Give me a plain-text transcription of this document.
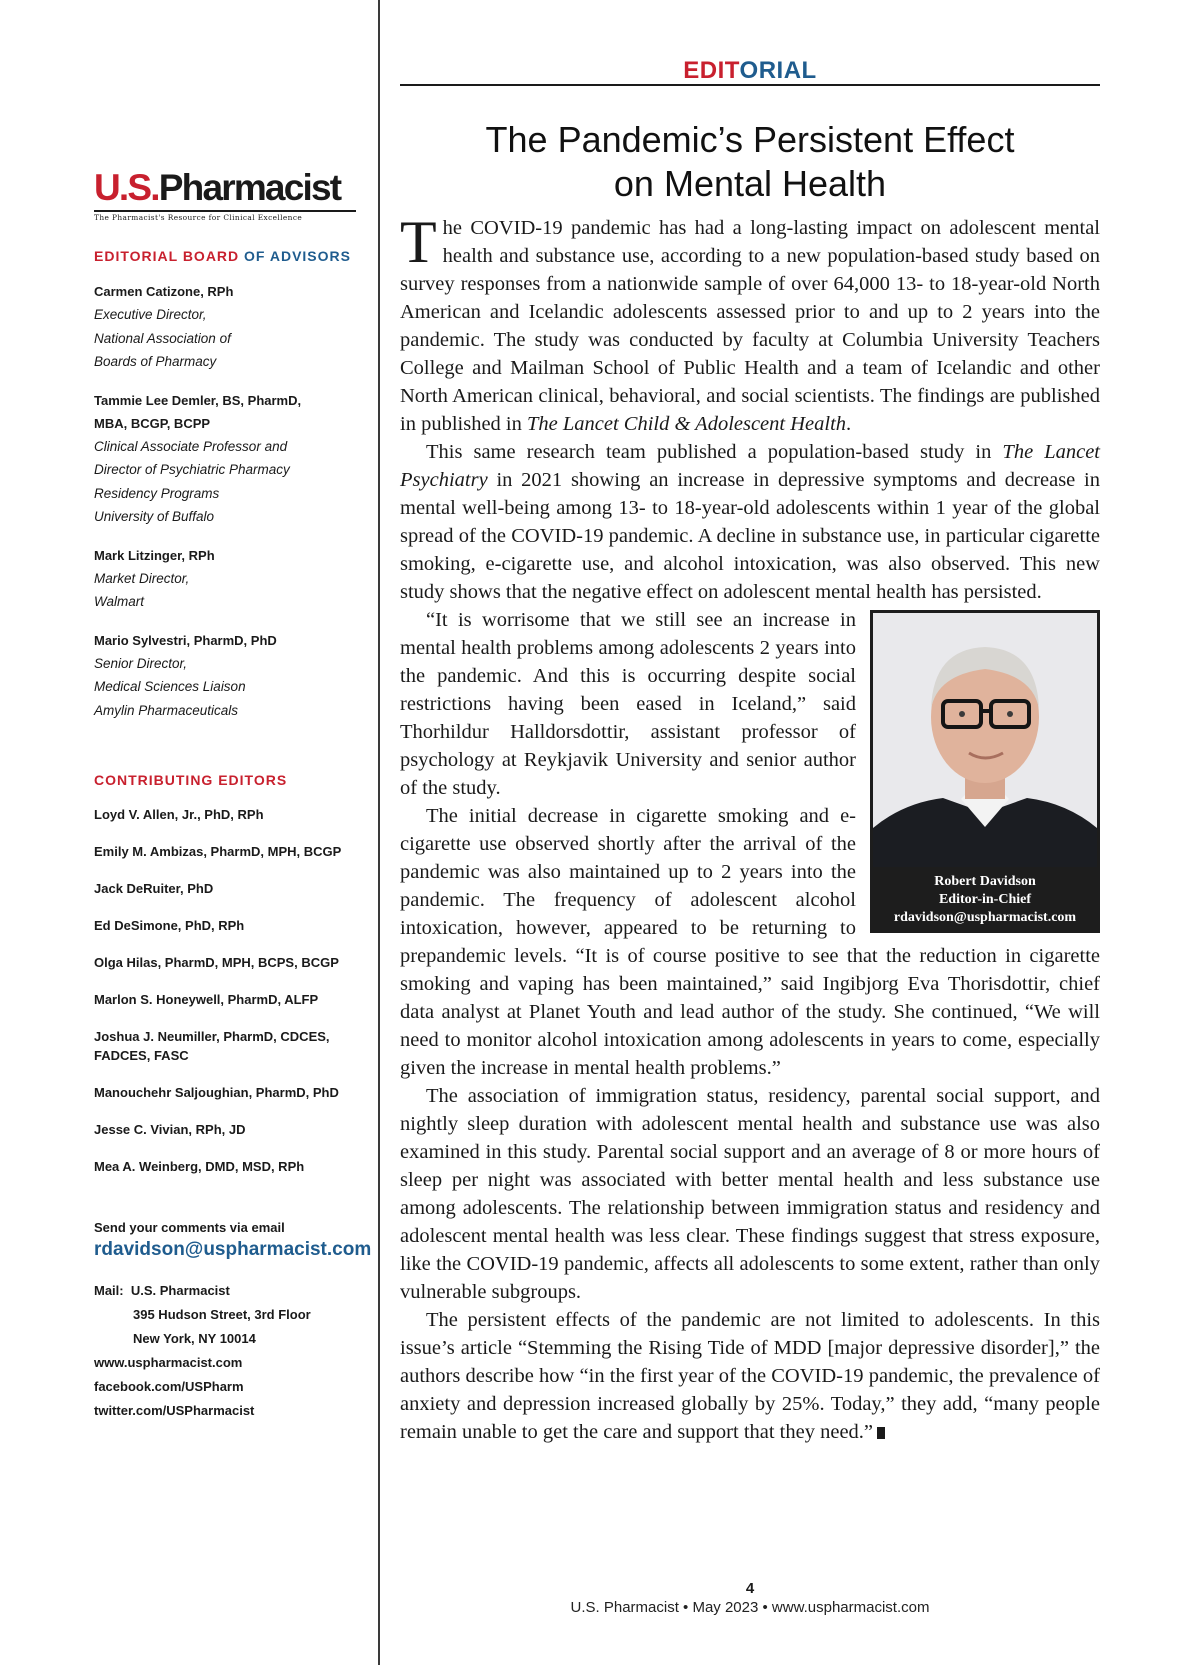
U.S.Pharmacist
The Pharmacist's Resource for Clinical Excellence
EDITORIAL BOARD OF ADVISORS
Carmen Catizone, RPh
Executive Director,
National Association of
Boards of Pharmacy
Tammie Lee Demler, BS, PharmD, MBA, BCGP, BCPP
Clinical Associate Professor and
Director of Psychiatric Pharmacy
Residency Programs
University of Buffalo
Mark Litzinger, RPh
Market Director,
Walmart
Mario Sylvestri, PharmD, PhD
Senior Director,
Medical Sciences Liaison
Amylin Pharmaceuticals
CONTRIBUTING EDITORS
Loyd V. Allen, Jr., PhD, RPh
Emily M. Ambizas, PharmD, MPH, BCGP
Jack DeRuiter, PhD
Ed DeSimone, PhD, RPh
Olga Hilas, PharmD, MPH, BCPS, BCGP
Marlon S. Honeywell, PharmD, ALFP
Joshua J. Neumiller, PharmD, CDCES, FADCES, FASC
Manouchehr Saljoughian, PharmD, PhD
Jesse C. Vivian, RPh, JD
Mea A. Weinberg, DMD, MSD, RPh
Send your comments via email
rdavidson@uspharmacist.com
Mail: U.S. Pharmacist
395 Hudson Street, 3rd Floor
New York, NY 10014
www.uspharmacist.com
facebook.com/USPharm
twitter.com/USPharmacist
EDITORIAL
The Pandemic’s Persistent Effect
on Mental Health

The COVID-19 pandemic has had a long-lasting impact on adolescent mental health and substance use, according to a new population-based study based on survey responses from a nationwide sample of over 64,000 13- to 18-year-old North American and Icelandic adolescents assessed prior to and up to 2 years into the pandemic. The study was conducted by faculty at Columbia University Teachers College and Mailman School of Public Health and a team of Icelandic and other North American clinical, behavioral, and social scientists. The findings are published in published in The Lancet Child & Adolescent Health.

This same research team published a population-based study in The Lancet Psychiatry in 2021 showing an increase in depressive symptoms and decrease in mental well-being among 13- to 18-year-old adolescents within 1 year of the global spread of the COVID-19 pandemic. A decline in substance use, in particular cigarette smoking, e-cigarette use, and alcohol intoxication, was also observed. This new study shows that the negative effect on adolescent mental health has persisted.

Robert Davidson
Editor-in-Chief
rdavidson@uspharmacist.com

“It is worrisome that we still see an increase in mental health problems among adolescents 2 years into the pandemic. And this is occurring despite social restrictions having been eased in Iceland,” said Thorhildur Halldorsdottir, assistant professor of psychology at Reykjavik University and senior author of the study.

The initial decrease in cigarette smoking and e-cigarette use observed shortly after the arrival of the pandemic was also maintained up to 2 years into the pandemic. The frequency of adolescent alcohol intoxication, however, appeared to be returning to prepandemic levels. “It is of course positive to see that the reduction in cigarette smoking and vaping has been maintained,” said Ingibjorg Eva Thorisdottir, chief data analyst at Planet Youth and lead author of the study. She continued, “We will need to monitor alcohol intoxication among adolescents in years to come, especially given the increase in mental health problems.”

The association of immigration status, residency, parental social support, and nightly sleep duration with adolescent mental health and substance use was also examined in this study. Parental social support and an average of 8 or more hours of sleep per night was associated with better mental health and less substance use among adolescents. The relationship between immigration status and residency and adolescent mental health was less clear. These findings suggest that stress exposure, like the COVID-19 pandemic, affects all adolescents to some extent, rather than only vulnerable subgroups.

The persistent effects of the pandemic are not limited to adolescents. In this issue’s article “Stemming the Rising Tide of MDD [major depressive disorder],” the authors describe how “in the first year of the COVID-19 pandemic, the prevalence of anxiety and depression increased globally by 25%. Today,” they add, “many people remain unable to get the care and support that they need.”

4
U.S. Pharmacist • May 2023 • www.uspharmacist.com
